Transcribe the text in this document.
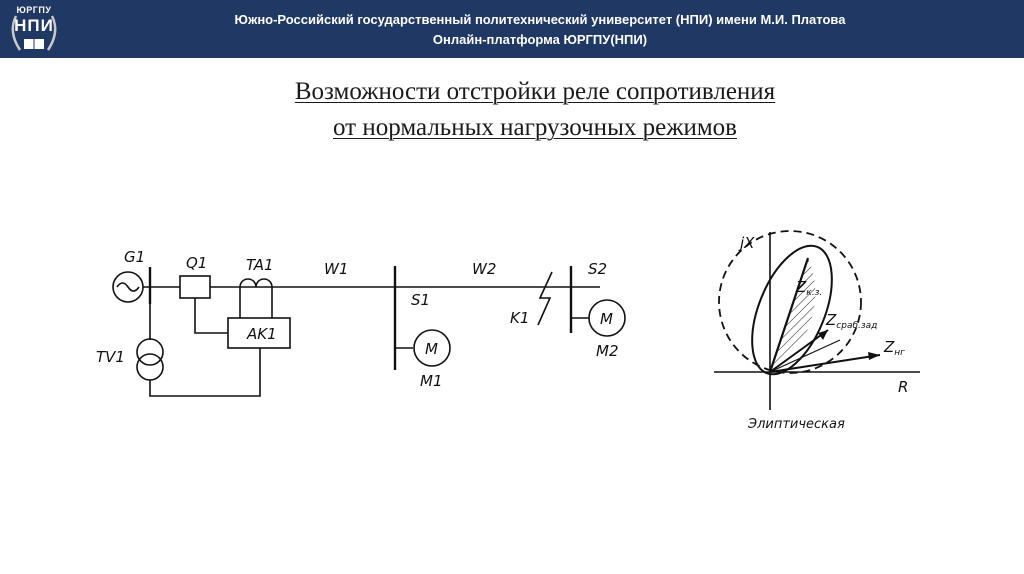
ЮРГПУ
НПИ	Южно-Российский государственный политехнический университет (НПИ) имени М.И. Платова
Онлайн-платформа ЮРГПУ(НПИ)
Возможности отстройки реле сопротивления
от нормальных нагрузочных режимов
G1	Q1	TA1	W1	W2	S2
S1
K1
TV1
AK1
M
M1
M
M2
jX
R
$Z_{к.з.}$
$Z_{сраб.зад}$
$Z_{нг}$
Элиптическая
